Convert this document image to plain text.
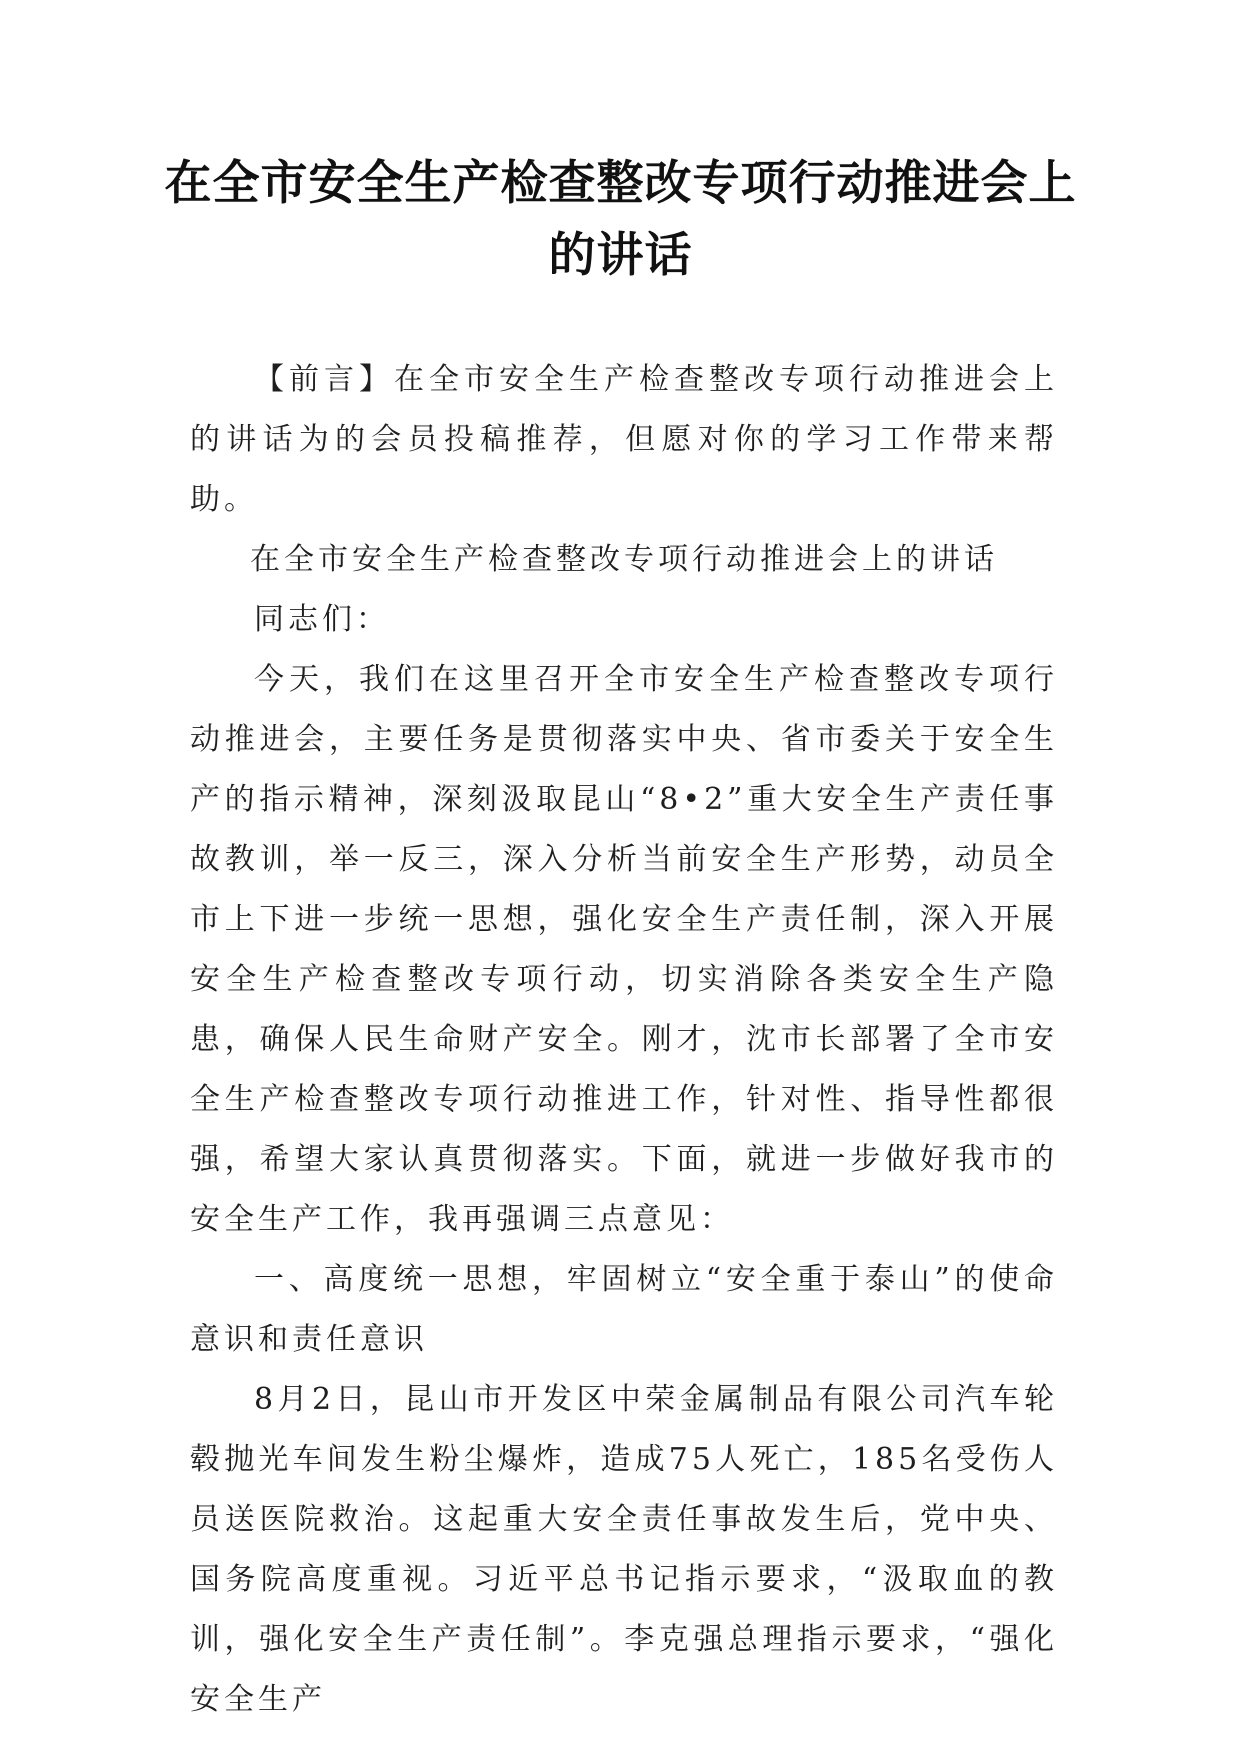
在全市安全生产检查整改专项行动推进会上的讲话

【前言】在全市安全生产检查整改专项行动推进会上的讲话为的会员投稿推荐，但愿对你的学习工作带来帮助。

在全市安全生产检查整改专项行动推进会上的讲话

同志们：

今天，我们在这里召开全市安全生产检查整改专项行动推进会，主要任务是贯彻落实中央、省市委关于安全生产的指示精神，深刻汲取昆山“8•2”重大安全生产责任事故教训，举一反三，深入分析当前安全生产形势，动员全市上下进一步统一思想，强化安全生产责任制，深入开展安全生产检查整改专项行动，切实消除各类安全生产隐患，确保人民生命财产安全。刚才，沈市长部署了全市安全生产检查整改专项行动推进工作，针对性、指导性都很强，希望大家认真贯彻落实。下面，就进一步做好我市的安全生产工作，我再强调三点意见：

一、高度统一思想，牢固树立“安全重于泰山”的使命意识和责任意识

8月2日，昆山市开发区中荣金属制品有限公司汽车轮毂抛光车间发生粉尘爆炸，造成75人死亡，185名受伤人员送医院救治。这起重大安全责任事故发生后，党中央、国务院高度重视。习近平总书记指示要求，“汲取血的教训，强化安全生产责任制”。李克强总理指示要求，“强化安全生产
